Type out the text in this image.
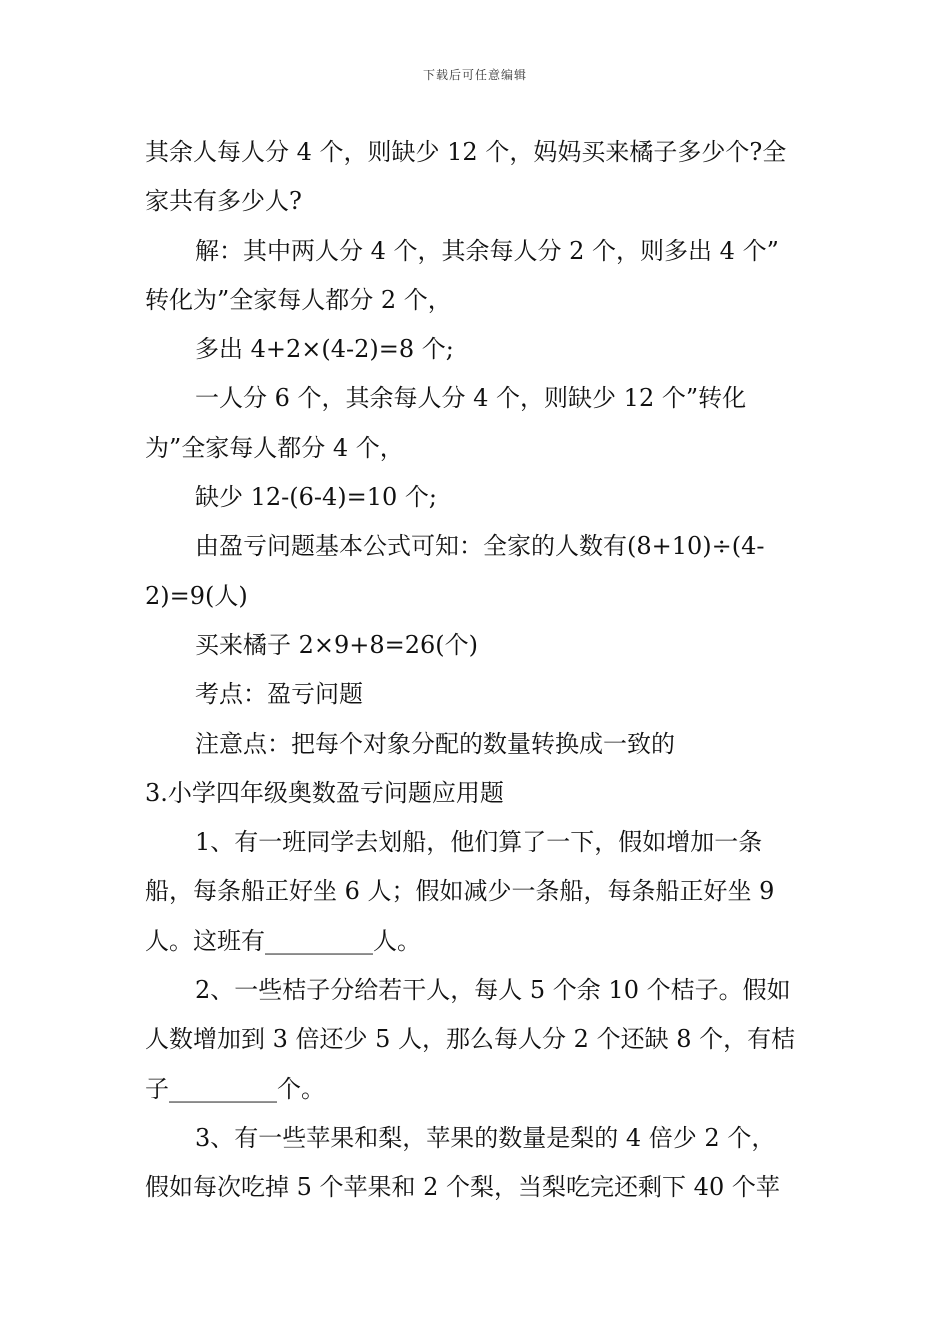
下载后可任意编辑
其余人每人分 4 个，则缺少 12 个，妈妈买来橘子多少个?全
家共有多少人?
解：其中两人分 4 个，其余每人分 2 个，则多出 4 个”
转化为”全家每人都分 2 个，
多出 4+2×(4-2)=8 个;
一人分 6 个，其余每人分 4 个，则缺少 12 个”转化
为”全家每人都分 4 个，
缺少 12-(6-4)=10 个;
由盈亏问题基本公式可知：全家的人数有(8+10)÷(4-
2)=9(人)
买来橘子 2×9+8=26(个)
考点：盈亏问题
注意点：把每个对象分配的数量转换成一致的
3.小学四年级奥数盈亏问题应用题
1、有一班同学去划船，他们算了一下，假如增加一条
船，每条船正好坐 6 人；假如减少一条船，每条船正好坐 9
人。这班有_________人。
2、一些桔子分给若干人，每人 5 个余 10 个桔子。假如
人数增加到 3 倍还少 5 人，那么每人分 2 个还缺 8 个，有桔
子_________个。
3、有一些苹果和梨，苹果的数量是梨的 4 倍少 2 个，
假如每次吃掉 5 个苹果和 2 个梨，当梨吃完还剩下 40 个苹
